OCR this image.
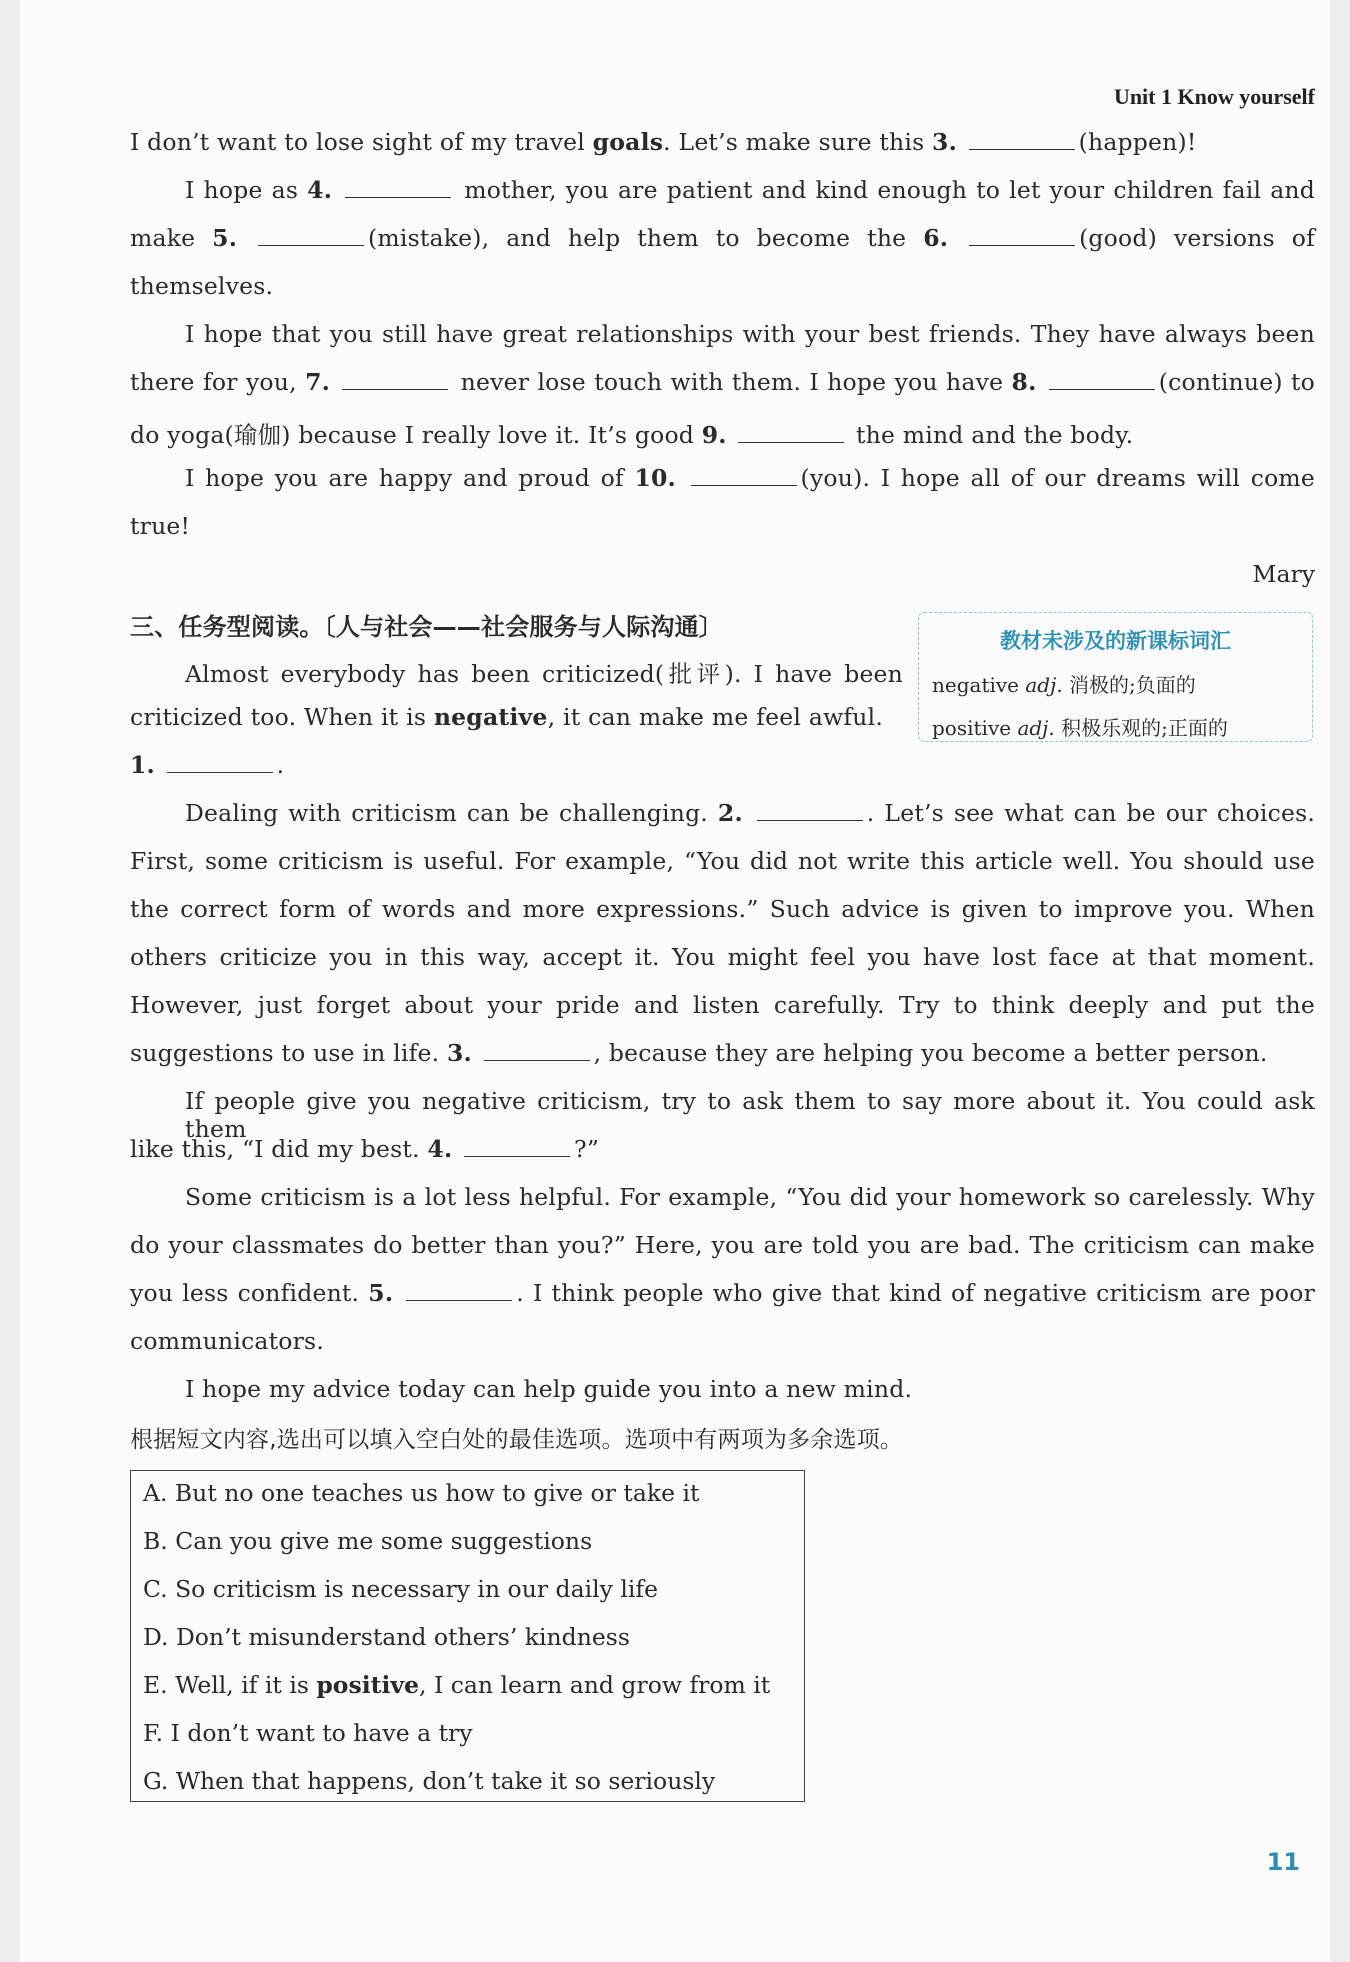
Unit 1 Know yourself
I don’t want to lose sight of my travel goals. Let’s make sure this 3.	(happen)!
I hope as 4.	mother, you are patient and kind enough to let your children fail and
make 5.	(mistake), and help them to become the 6.	(good) versions of
themselves.
I hope that you still have great relationships with your best friends. They have always been
there for you, 7.	never lose touch with them. I hope you have 8.	(continue) to
do yoga(瑜伽) because I really love it. It’s good 9.	the mind and the body.
I hope you are happy and proud of 10.	(you). I hope all of our dreams will come
true!
Mary
三、任务型阅读。〔人与社会——社会服务与人际沟通〕	教材未涉及的新课标词汇
negative adj. 消极的;负面的
positive adj. 积极乐观的;正面的
Almost everybody has been criticized(批评). I have been
criticized too. When it is negative, it can make me feel awful.
1.	.
Dealing with criticism can be challenging. 2.	. Let’s see what can be our choices.
First, some criticism is useful. For example, “You did not write this article well. You should use
the correct form of words and more expressions.” Such advice is given to improve you. When
others criticize you in this way, accept it. You might feel you have lost face at that moment.
However, just forget about your pride and listen carefully. Try to think deeply and put the
suggestions to use in life. 3.	, because they are helping you become a better person.
If people give you negative criticism, try to ask them to say more about it. You could ask them
like this, “I did my best. 4.	?”
Some criticism is a lot less helpful. For example, “You did your homework so carelessly. Why
do your classmates do better than you?” Here, you are told you are bad. The criticism can make
you less confident. 5.	. I think people who give that kind of negative criticism are poor
communicators.
I hope my advice today can help guide you into a new mind.
根据短文内容,选出可以填入空白处的最佳选项。选项中有两项为多余选项。
A. But no one teaches us how to give or take it
B. Can you give me some suggestions
C. So criticism is necessary in our daily life
D. Don’t misunderstand others’ kindness
E. Well, if it is positive, I can learn and grow from it
F. I don’t want to have a try
G. When that happens, don’t take it so seriously
11
